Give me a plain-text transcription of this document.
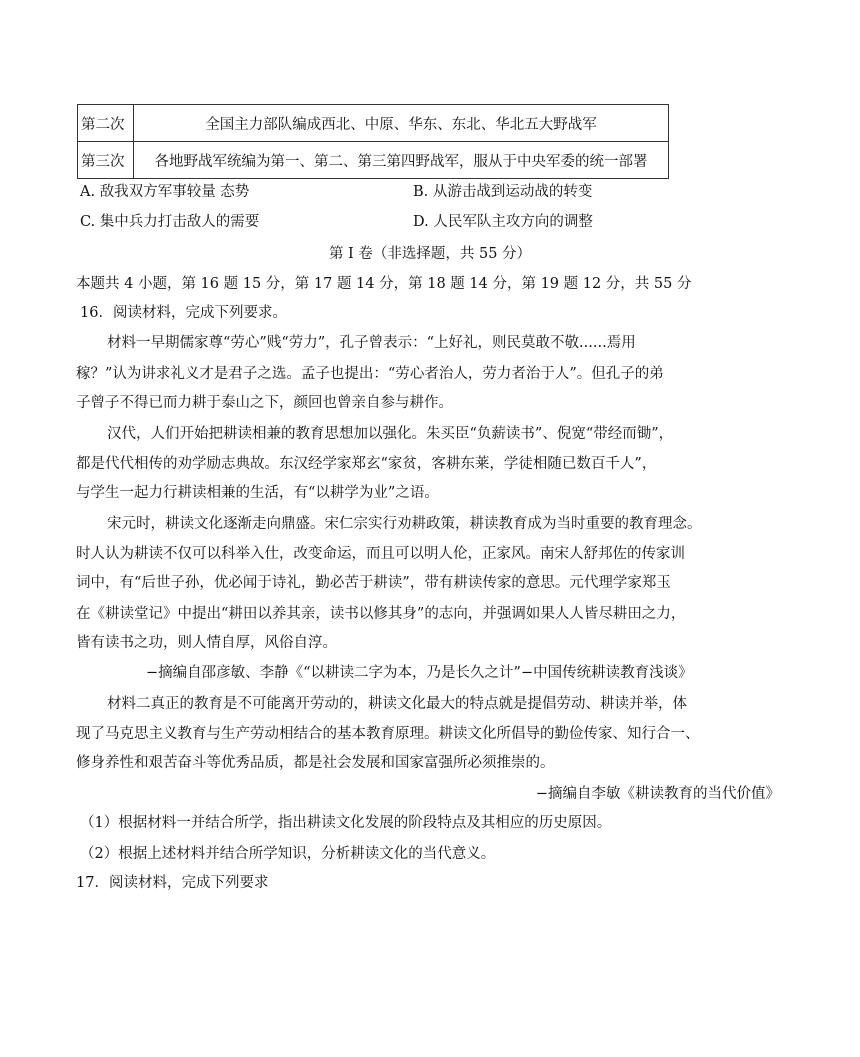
第二次	全国主力部队编成西北、中原、华东、东北、华北五大野战军
第三次	各地野战军统编为第一、第二、第三第四野战军，服从于中央军委的统一部署
A. 敌我双方军事较量 态势	B. 从游击战到运动战的转变
C. 集中兵力打击敌人的需要	D. 人民军队主攻方向的调整
第 I 卷（非选择题，共 55 分）
本题共 4 小题，第 16 题 15 分，第 17 题 14 分，第 18 题 14 分，第 19 题 12 分，共 55 分
16．阅读材料，完成下列要求。
材料一早期儒家尊“劳心”贱“劳力”，孔子曾表示：“上好礼，则民莫敢不敬......焉用
稼？”认为讲求礼义才是君子之选。孟子也提出：“劳心者治人，劳力者治于人”。但孔子的弟
子曾子不得已而力耕于泰山之下，颜回也曾亲自参与耕作。
汉代，人们开始把耕读相兼的教育思想加以强化。朱买臣“负薪读书”、倪宽“带经而锄”，
都是代代相传的劝学励志典故。东汉经学家郑玄“家贫，客耕东莱，学徒相随已数百千人”，
与学生一起力行耕读相兼的生活，有“以耕学为业”之语。
宋元时，耕读文化逐渐走向鼎盛。宋仁宗实行劝耕政策，耕读教育成为当时重要的教育理念。
时人认为耕读不仅可以科举入仕，改变命运，而且可以明人伦，正家风。南宋人舒邦佐的传家训
词中，有“后世子孙，优必闻于诗礼，勤必苦于耕读”，带有耕读传家的意思。元代理学家郑玉
在《耕读堂记》中提出“耕田以养其亲，读书以修其身”的志向，并强调如果人人皆尽耕田之力，
皆有读书之功，则人情自厚，风俗自淳。
−摘编自邵彦敏、李静《“以耕读二字为本，乃是长久之计”−中国传统耕读教育浅谈》
材料二真正的教育是不可能离开劳动的，耕读文化最大的特点就是提倡劳动、耕读并举，体
现了马克思主义教育与生产劳动相结合的基本教育原理。耕读文化所倡导的勤俭传家、知行合一、
修身养性和艰苦奋斗等优秀品质，都是社会发展和国家富强所必须推崇的。
−摘编自李敏《耕读教育的当代价值》
（1）根据材料一并结合所学，指出耕读文化发展的阶段特点及其相应的历史原因。
（2）根据上述材料并结合所学知识，分析耕读文化的当代意义。
17．阅读材料，完成下列要求
